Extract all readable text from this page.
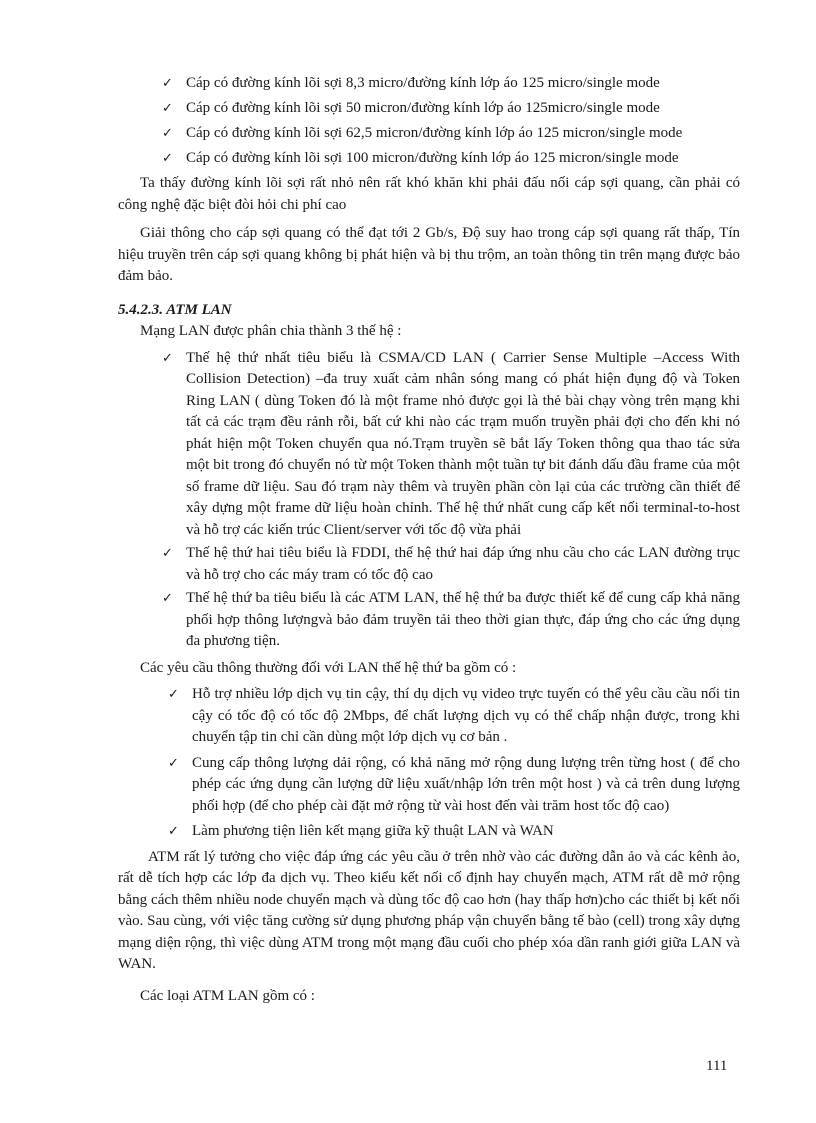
✓ Cáp có đường kính lõi sợi 8,3 micro/đường kính lớp áo 125 micro/single mode
✓ Cáp có đường kính lõi sợi 50 micron/đường kính lớp áo 125micro/single mode
✓ Cáp có đường kính lõi sợi 62,5 micron/đường kính lớp áo 125 micron/single mode
✓ Cáp có đường kính lõi sợi 100 micron/đường kính lớp áo 125 micron/single mode

Ta thấy đường kính lõi sợi rất nhỏ nên rất khó khăn khi phải đấu nối cáp sợi quang, cần phải có công nghệ đặc biệt đòi hỏi chi phí cao

Giải thông cho cáp sợi quang có thể đạt tới 2 Gb/s, Độ suy hao trong cáp sợi quang rất thấp, Tín hiệu truyền trên cáp sợi quang không bị phát hiện và bị thu trộm, an toàn thông tin trên mạng được bảo đảm bảo.

5.4.2.3. ATM LAN

Mạng LAN được phân chia thành 3 thế hệ :

✓ Thế hệ thứ nhất tiêu biểu là CSMA/CD LAN ( Carrier Sense Multiple –Access With Collision Detection) –đa truy xuất cảm nhân sóng mang có phát hiện đụng độ và Token Ring LAN ( dùng Token đó là một frame nhỏ được gọi là thẻ bài chạy vòng trên mạng khi tất cả các trạm đều rảnh rỗi, bất cứ khi nào các trạm muốn truyền phải đợi cho đến khi nó phát hiện một Token chuyển qua nó.Trạm truyền sẽ bắt lấy Token thông qua thao tác sửa một bit trong đó chuyển nó từ một Token thành một tuần tự bit đánh dấu đầu frame của một số frame dữ liệu. Sau đó trạm này thêm và truyền phần còn lại của các trường cần thiết để xây dựng một frame dữ liệu hoàn chỉnh. Thế hệ thứ nhất cung cấp kết nối terminal-to-host và hỗ trợ các kiến trúc Client/server với tốc độ vừa phải
✓ Thế hệ thứ hai tiêu biểu là FDDI, thế hệ thứ hai đáp ứng nhu cầu cho các LAN đường trục và hỗ trợ cho các máy tram có tốc độ cao
✓ Thế hệ thứ ba tiêu biểu là các ATM LAN, thế hệ thứ ba được thiết kế để cung cấp khả năng phối hợp thông lượngvà bảo đảm truyền tải theo thời gian thực, đáp ứng cho các ứng dụng đa phương tiện.

Các yêu cầu thông thường đối với LAN thế hệ thứ ba gồm có :

✓ Hỗ trợ nhiều lớp dịch vụ tin cậy, thí dụ dịch vụ video trực tuyến có thể yêu cầu cầu nối tin cậy có tốc độ có tốc độ 2Mbps, để chất lượng dịch vụ có thể chấp nhận được, trong khi chuyển tập tin chỉ cần dùng một lớp dịch vụ cơ bản .
✓ Cung cấp thông lượng dải rộng, có khả năng mở rộng dung lượng trên từng host ( để cho phép các ứng dụng cần lượng dữ liệu xuất/nhập lớn trên một host ) và cả trên dung lượng phối hợp (để cho phép cài đặt mở rộng từ vài host đến vài trăm host tốc độ cao)
✓ Làm phương tiện liên kết mạng giữa kỹ thuật LAN và WAN

ATM rất lý tưởng cho việc đáp ứng các yêu cầu ở trên nhờ vào các đường dẫn ảo và các kênh ảo, rất dễ tích hợp các lớp đa dịch vụ. Theo kiểu kết nối cố định hay chuyển mạch, ATM rất dễ mở rộng bằng cách thêm nhiều node chuyển mạch và dùng tốc độ cao hơn (hay thấp hơn)cho các thiết bị kết nối vào. Sau cùng, với việc tăng cường sử dụng phương pháp vận chuyển bằng tế bào (cell) trong xây dựng mạng diện rộng, thì việc dùng ATM trong một mạng đầu cuối cho phép xóa dần ranh giới giữa LAN và WAN.

Các loại ATM LAN gồm có :

111
